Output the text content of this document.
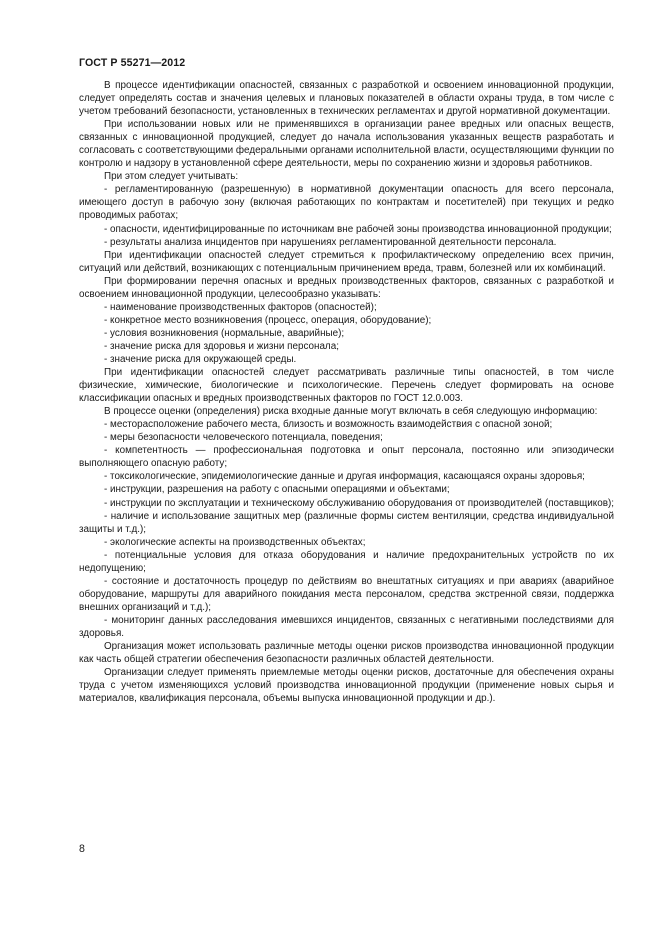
ГОСТ Р 55271—2012

В процессе идентификации опасностей, связанных с разработкой и освоением инновационной продукции, следует определять состав и значения целевых и плановых показателей в области охраны труда, в том числе с учетом требований безопасности, установленных в технических регламентах и другой нормативной документации.

При использовании новых или не применявшихся в организации ранее вредных или опасных веществ, связанных с инновационной продукцией, следует до начала использования указанных веществ разработать и согласовать с соответствующими федеральными органами исполнительной власти, осуществляющими функции по контролю и надзору в установленной сфере деятельности, меры по сохранению жизни и здоровья работников.

При этом следует учитывать:

- регламентированную (разрешенную) в нормативной документации опасность для всего персонала, имеющего доступ в рабочую зону (включая работающих по контрактам и посетителей) при текущих и редко проводимых работах;

- опасности, идентифицированные по источникам вне рабочей зоны производства инновационной продукции;

- результаты анализа инцидентов при нарушениях регламентированной деятельности персонала.

При идентификации опасностей следует стремиться к профилактическому определению всех причин, ситуаций или действий, возникающих с потенциальным причинением вреда, травм, болезней или их комбинаций.

При формировании перечня опасных и вредных производственных факторов, связанных с разработкой и освоением инновационной продукции, целесообразно указывать:

- наименование производственных факторов (опасностей);

- конкретное место возникновения (процесс, операция, оборудование);

- условия возникновения (нормальные, аварийные);

- значение риска для здоровья и жизни персонала;

- значение риска для окружающей среды.

При идентификации опасностей следует рассматривать различные типы опасностей, в том числе физические, химические, биологические и психологические. Перечень следует формировать на основе классификации опасных и вредных производственных факторов по ГОСТ 12.0.003.

В процессе оценки (определения) риска входные данные могут включать в себя следующую информацию:

- месторасположение рабочего места, близость и возможность взаимодействия с опасной зоной;

- меры безопасности человеческого потенциала, поведения;

- компетентность — профессиональная подготовка и опыт персонала, постоянно или эпизодически выполняющего опасную работу;

- токсикологические, эпидемиологические данные и другая информация, касающаяся охраны здоровья;

- инструкции, разрешения на работу с опасными операциями и объектами;

- инструкции по эксплуатации и техническому обслуживанию оборудования от производителей (поставщиков);

- наличие и использование защитных мер (различные формы систем вентиляции, средства индивидуальной защиты и т.д.);

- экологические аспекты на производственных объектах;

- потенциальные условия для отказа оборудования и наличие предохранительных устройств по их недопущению;

- состояние и достаточность процедур по действиям во внештатных ситуациях и при авариях (аварийное оборудование, маршруты для аварийного покидания места персоналом, средства экстренной связи, поддержка внешних организаций и т.д.);

- мониторинг данных расследования имевшихся инцидентов, связанных с негативными последствиями для здоровья.

Организация может использовать различные методы оценки рисков производства инновационной продукции как часть общей стратегии обеспечения безопасности различных областей деятельности.

Организации следует применять приемлемые методы оценки рисков, достаточные для обеспечения охраны труда с учетом изменяющихся условий производства инновационной продукции (применение новых сырья и материалов, квалификация персонала, объемы выпуска инновационной продукции и др.).

8
